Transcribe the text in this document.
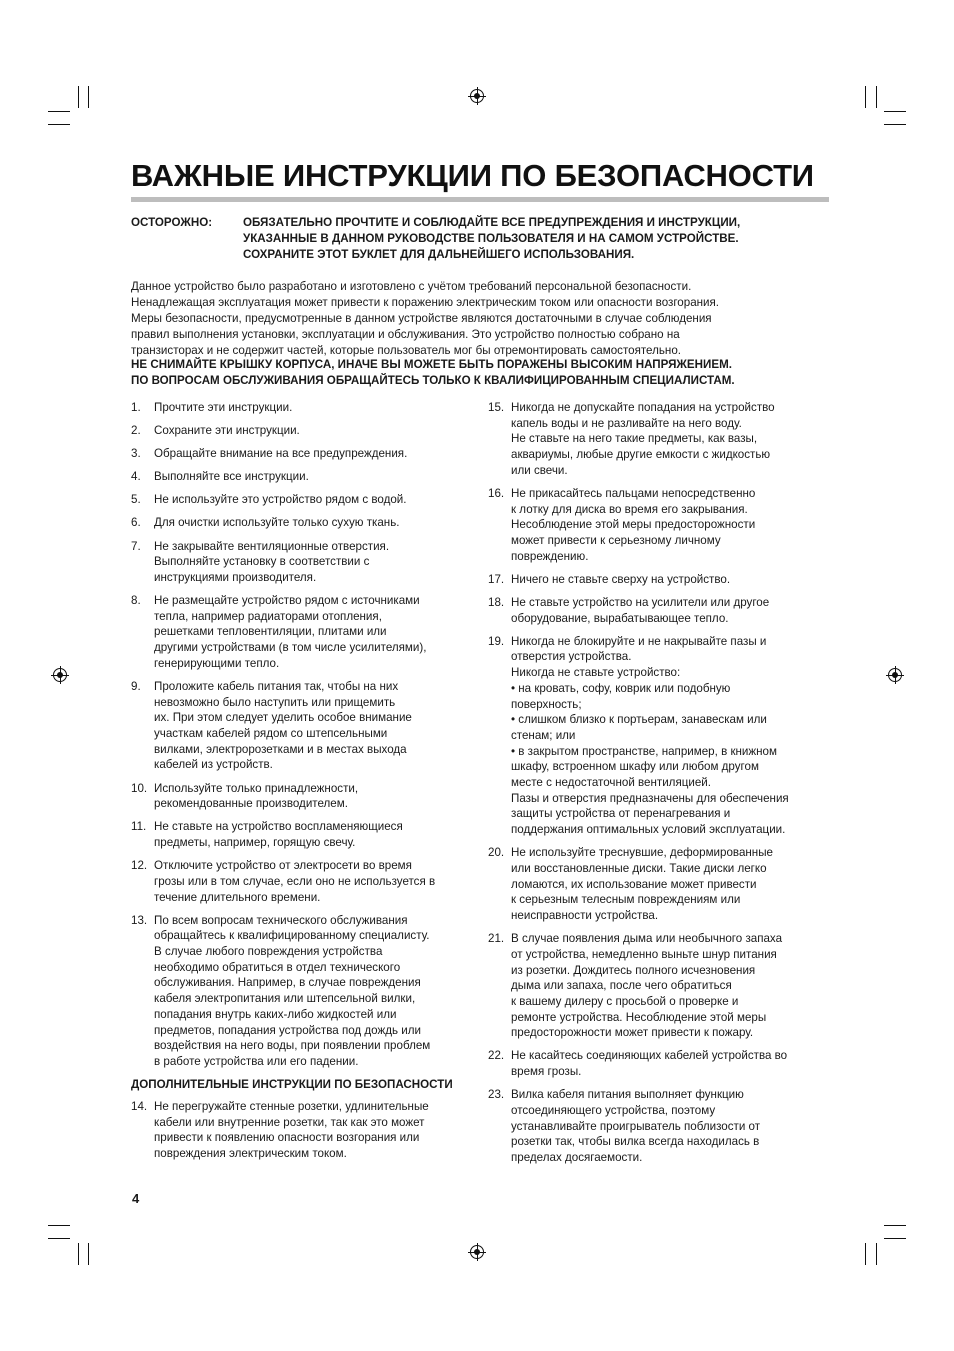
ВАЖНЫЕ ИНСТРУКЦИИ ПО БЕЗОПАСНОСТИ
ОСТОРОЖНО:	ОБЯЗАТЕЛЬНО ПРОЧТИТЕ И СОБЛЮДАЙТЕ ВСЕ ПРЕДУПРЕЖДЕНИЯ И ИНСТРУКЦИИ,
УКАЗАННЫЕ В ДАННОМ РУКОВОДСТВЕ ПОЛЬЗОВАТЕЛЯ И НА САМОМ УСТРОЙСТВЕ.
СОХРАНИТЕ ЭТОТ БУКЛЕТ ДЛЯ ДАЛЬНЕЙШЕГО ИСПОЛЬЗОВАНИЯ.
Данное устройство было разработано и изготовлено с учётом требований персональной безопасности.
Ненадлежащая эксплуатация может привести к поражению электрическим током или опасности возгорания.
Меры безопасности, предусмотренные в данном устройстве являются достаточными в случае соблюдения
правил выполнения установки, эксплуатации и обслуживания. Это устройство полностью собрано на
транзисторах и не содержит частей, которые пользователь мог бы отремонтировать самостоятельно.
НЕ СНИМАЙТЕ КРЫШКУ КОРПУСА, ИНАЧЕ ВЫ МОЖЕТЕ БЫТЬ ПОРАЖЕНЫ ВЫСОКИМ НАПРЯЖЕНИЕМ.
ПО ВОПРОСАМ ОБСЛУЖИВАНИЯ ОБРАЩАЙТЕСЬ ТОЛЬКО К КВАЛИФИЦИРОВАННЫМ СПЕЦИАЛИСТАМ.
1. Прочтите эти инструкции.
2. Сохраните эти инструкции.
3. Обращайте внимание на все предупреждения.
4. Выполняйте все инструкции.
5. Не используйте это устройство рядом с водой.
6. Для очистки используйте только сухую ткань.
7. Не закрывайте вентиляционные отверстия.
Выполняйте установку в соответствии с
инструкциями производителя.
8. Не размещайте устройство рядом с источниками
тепла, например радиаторами отопления,
решетками тепловентиляции, плитами или
другими устройствами (в том числе усилителями),
генерирующими тепло.
9. Проложите кабель питания так, чтобы на них
невозможно было наступить или прищемить
их. При этом следует уделить особое внимание
участкам кабелей рядом со штепсельными
вилками, электророзетками и в местах выхода
кабелей из устройств.
10. Используйте только принадлежности,
рекомендованные производителем.
11. Не ставьте на устройство воспламеняющиеся
предметы, например, горящую свечу.
12. Отключите устройство от электросети во время
грозы или в том случае, если оно не используется в
течение длительного времени.
13. По всем вопросам технического обслуживания
обращайтесь к квалифицированному специалисту.
В случае любого повреждения устройства
необходимо обратиться в отдел технического
обслуживания. Например, в случае повреждения
кабеля электропитания или штепсельной вилки,
попадания внутрь каких-либо жидкостей или
предметов, попадания устройства под дождь или
воздействия на него воды, при появлении проблем
в работе устройства или его падении.
ДОПОЛНИТЕЛЬНЫЕ ИНСТРУКЦИИ ПО БЕЗОПАСНОСТИ
14. Не перегружайте стенные розетки, удлинительные
кабели или внутренние розетки, так как это может
привести к появлению опасности возгорания или
повреждения электрическим током.
15. Никогда не допускайте попадания на устройство
капель воды и не разливайте на него воду.
Не ставьте на него такие предметы, как вазы,
аквариумы, любые другие емкости с жидкостью
или свечи.
16. Не прикасайтесь пальцами непосредственно
к лотку для диска во время его закрывания.
Несоблюдение этой меры предосторожности
может привести к серьезному личному
повреждению.
17. Ничего не ставьте сверху на устройство.
18. Не ставьте устройство на усилители или другое
оборудование, вырабатывающее тепло.
19. Никогда не блокируйте и не накрывайте пазы и
отверстия устройства.
Никогда не ставьте устройство:
• на кровать, софу, коврик или подобную
поверхность;
• слишком близко к портьерам, занавескам или
стенам; или
• в закрытом пространстве, например, в книжном
шкафу, встроенном шкафу или любом другом
месте с недостаточной вентиляцией.
Пазы и отверстия предназначены для обеспечения
защиты устройства от перенагревания и
поддержания оптимальных условий эксплуатации.
20. Не используйте треснувшие, деформированные
или восстановленные диски. Такие диски легко
ломаются, их использование может привести
к серьезным телесным повреждениям или
неисправности устройства.
21. В случае появления дыма или необычного запаха
от устройства, немедленно выньте шнур питания
из розетки. Дождитесь полного исчезновения
дыма или запаха, после чего обратиться
к вашему дилеру с просьбой о проверке и
ремонте устройства. Несоблюдение этой меры
предосторожности может привести к пожару.
22. Не касайтесь соединяющих кабелей устройства во
время грозы.
23. Вилка кабеля питания выполняет функцию
отсоединяющего устройства, поэтому
устанавливайте проигрыватель поблизости от
розетки так, чтобы вилка всегда находилась в
пределах досягаемости.
4
